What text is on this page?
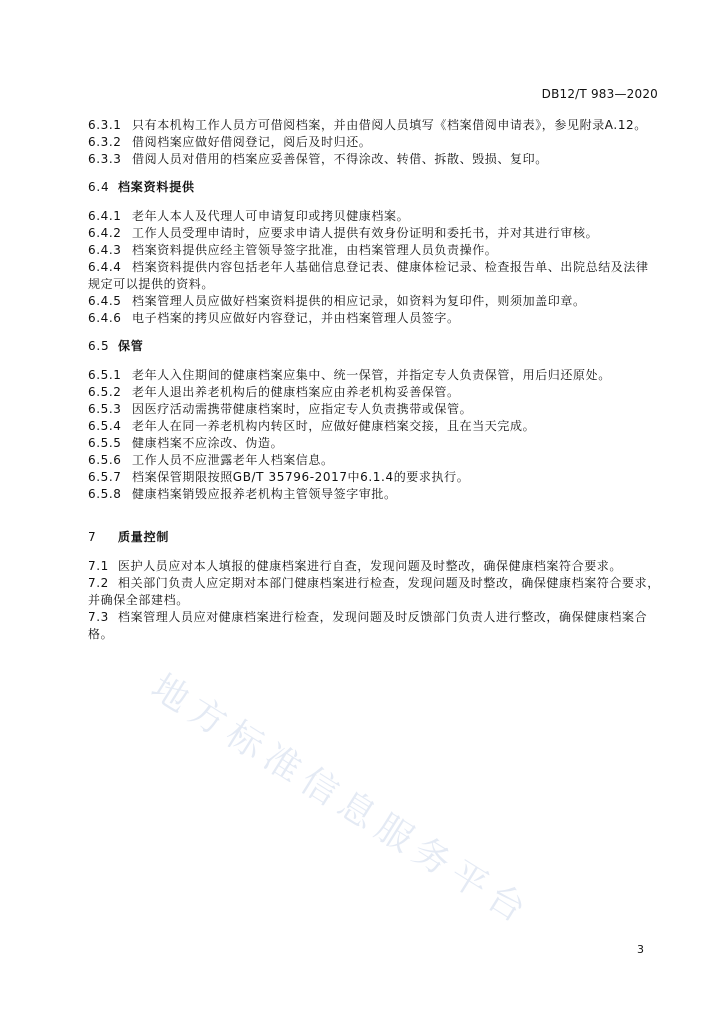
地方标准信息服务平台
DB12/T 983—2020
6.3.1 只有本机构工作人员方可借阅档案，并由借阅人员填写《档案借阅申请表》，参见附录A.12。
6.3.2 借阅档案应做好借阅登记，阅后及时归还。
6.3.3 借阅人员对借用的档案应妥善保管，不得涂改、转借、拆散、毁损、复印。
6.4 档案资料提供
6.4.1 老年人本人及代理人可申请复印或拷贝健康档案。
6.4.2 工作人员受理申请时，应要求申请人提供有效身份证明和委托书，并对其进行审核。
6.4.3 档案资料提供应经主管领导签字批准，由档案管理人员负责操作。
6.4.4 档案资料提供内容包括老年人基础信息登记表、健康体检记录、检查报告单、出院总结及法律
规定可以提供的资料。
6.4.5 档案管理人员应做好档案资料提供的相应记录，如资料为复印件，则须加盖印章。
6.4.6 电子档案的拷贝应做好内容登记，并由档案管理人员签字。
6.5 保管
6.5.1 老年人入住期间的健康档案应集中、统一保管，并指定专人负责保管，用后归还原处。
6.5.2 老年人退出养老机构后的健康档案应由养老机构妥善保管。
6.5.3 因医疗活动需携带健康档案时，应指定专人负责携带或保管。
6.5.4 老年人在同一养老机构内转区时，应做好健康档案交接，且在当天完成。
6.5.5 健康档案不应涂改、伪造。
6.5.6 工作人员不应泄露老年人档案信息。
6.5.7 档案保管期限按照GB/T 35796-2017中6.1.4的要求执行。
6.5.8 健康档案销毁应报养老机构主管领导签字审批。
7 质量控制
7.1 医护人员应对本人填报的健康档案进行自查，发现问题及时整改，确保健康档案符合要求。
7.2 相关部门负责人应定期对本部门健康档案进行检查，发现问题及时整改，确保健康档案符合要求，
并确保全部建档。
7.3 档案管理人员应对健康档案进行检查，发现问题及时反馈部门负责人进行整改，确保健康档案合
格。
3
